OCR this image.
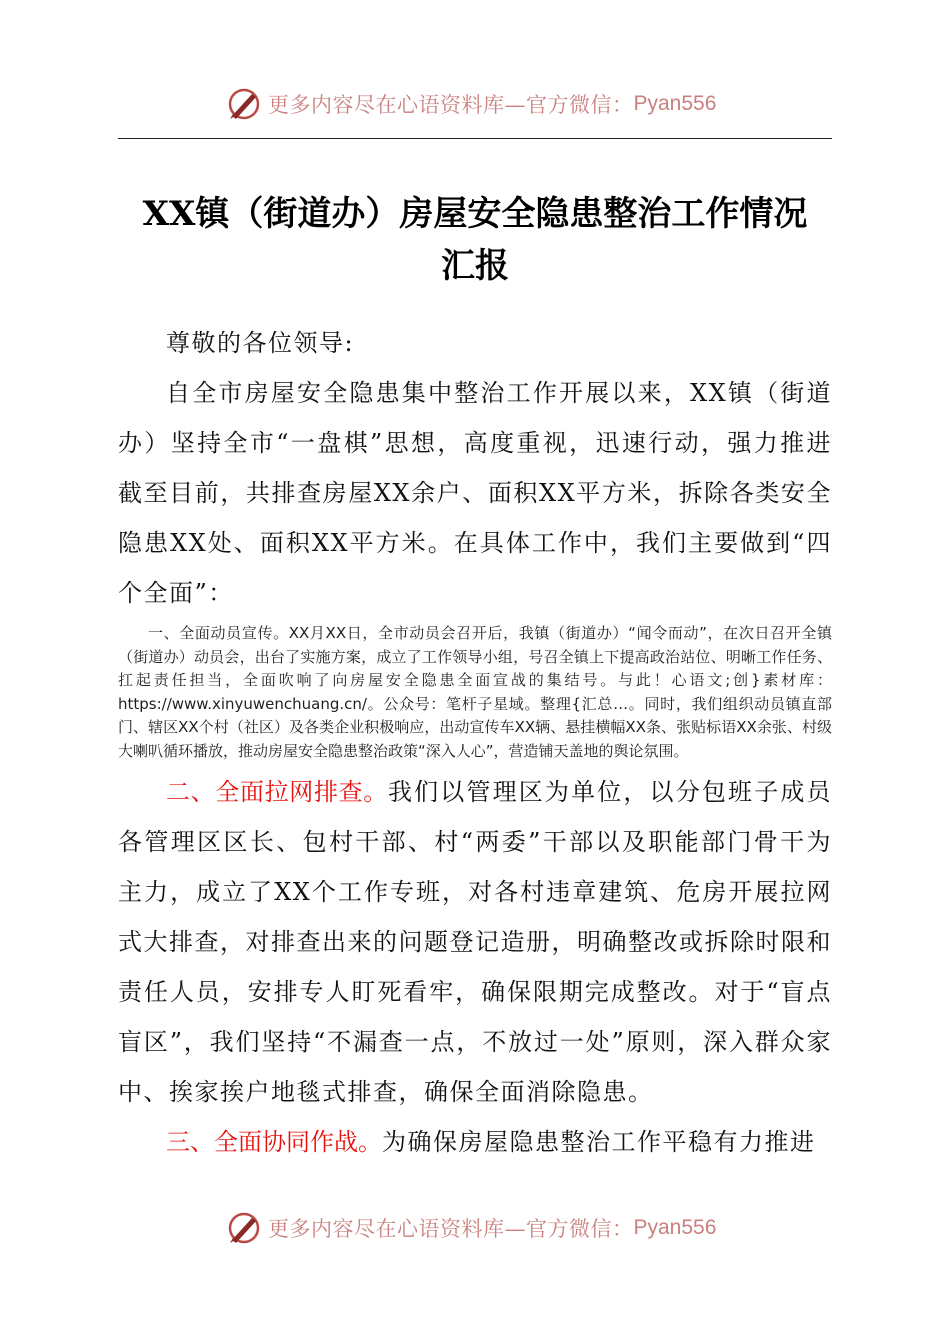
更多内容尽在心语资料库—官方微信： Pyan556
XX镇（街道办）房屋安全隐患整治工作情况
汇报

尊敬的各位领导:

自全市房屋安全隐患集中整治工作开展以来，XX镇（街道办）坚持全市“一盘棋”思想，高度重视，迅速行动，强力推进截至目前，共排查房屋XX余户、面积XX平方米，拆除各类安全隐患XX处、面积XX平方米。在具体工作中，我们主要做到“四个全面”：

一、全面动员宣传。XX月XX日，全市动员会召开后，我镇（街道办）“闻令而动”，在次日召开全镇（街道办）动员会，出台了实施方案，成立了工作领导小组，号召全镇上下提高政治站位、明晰工作任务、扛起责任担当，全面吹响了向房屋安全隐患全面宣战的集结号。与此！心语文;创}素材库：https://www.xinyuwenchuang.cn/。公众号：笔杆子星域。整理{汇总…。同时，我们组织动员镇直部门、辖区XX个村（社区）及各类企业积极响应，出动宣传车XX辆、悬挂横幅XX条、张贴标语XX余张、村级大喇叭循环播放，推动房屋安全隐患整治政策“深入人心”，营造铺天盖地的舆论氛围。

二、全面拉网排查。我们以管理区为单位，以分包班子成员各管理区区长、包村干部、村“两委”干部以及职能部门骨干为主力，成立了XX个工作专班，对各村违章建筑、危房开展拉网式大排查，对排查出来的问题登记造册，明确整改或拆除时限和责任人员，安排专人盯死看牢，确保限期完成整改。对于“盲点盲区”，我们坚持“不漏查一点，不放过一处”原则，深入群众家中、挨家挨户地毯式排查，确保全面消除隐患。

三、全面协同作战。为确保房屋隐患整治工作平稳有力推进

更多内容尽在心语资料库—官方微信： Pyan556
